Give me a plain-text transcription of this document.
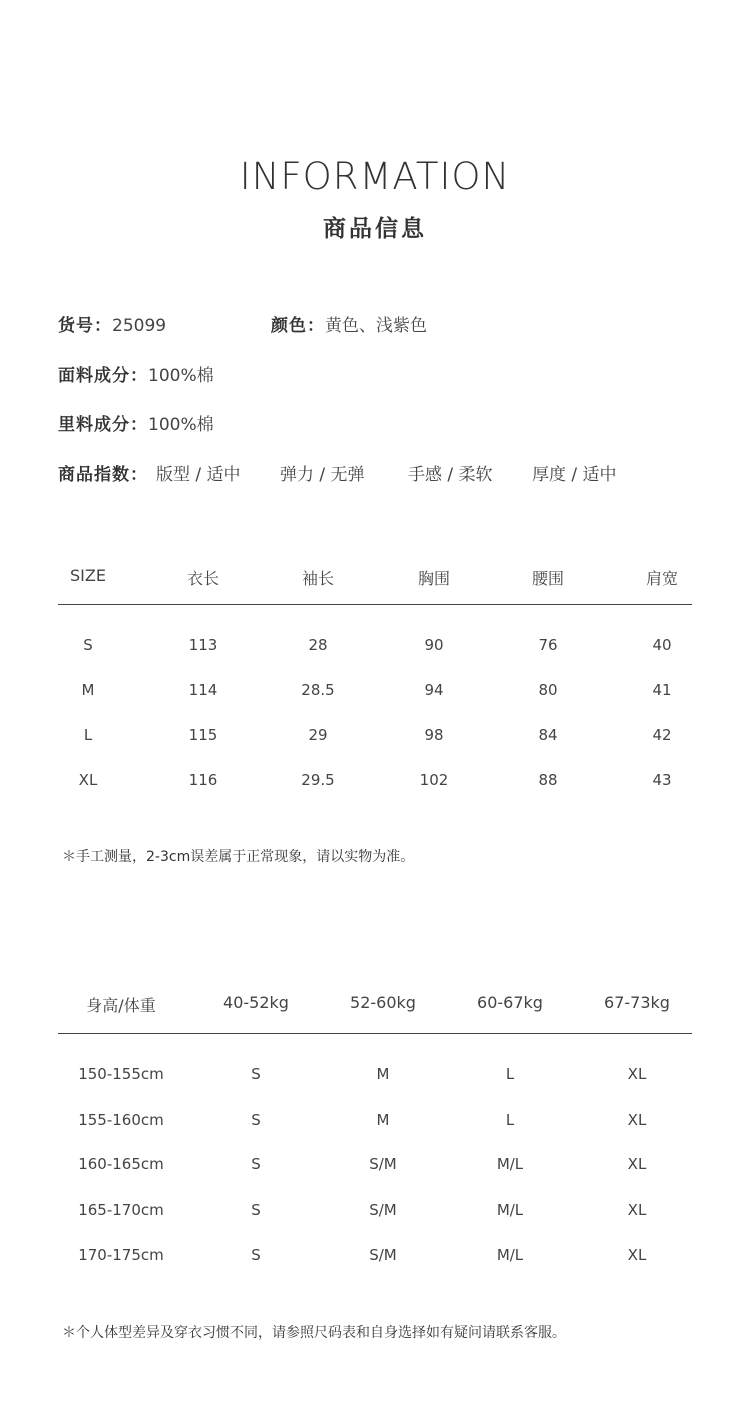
INFORMATION
商品信息
货号：25099	颜色：黄色、浅紫色
面料成分：100%棉
里料成分：100%棉
商品指数： 版型 / 适中 弹力 / 无弹	手感 / 柔软 厚度 / 适中
SIZE	衣长	袖长	胸围	腰围	肩宽
S	113	28	90	76	40
M	114	28.5	94	80	41
L	115	29	98	84	42
XL	116	29.5	102	88	43
＊手工测量，2-3cm误差属于正常现象，请以实物为准。
身高/体重	40-52kg	52-60kg	60-67kg	67-73kg
150-155cm	S	M	L	XL
155-160cm	S	M	L	XL
160-165cm	S	S/M	M/L	XL
165-170cm	S	S/M	M/L	XL
170-175cm	S	S/M	M/L	XL
＊个人体型差异及穿衣习惯不同，请参照尺码表和自身选择如有疑问请联系客服。
